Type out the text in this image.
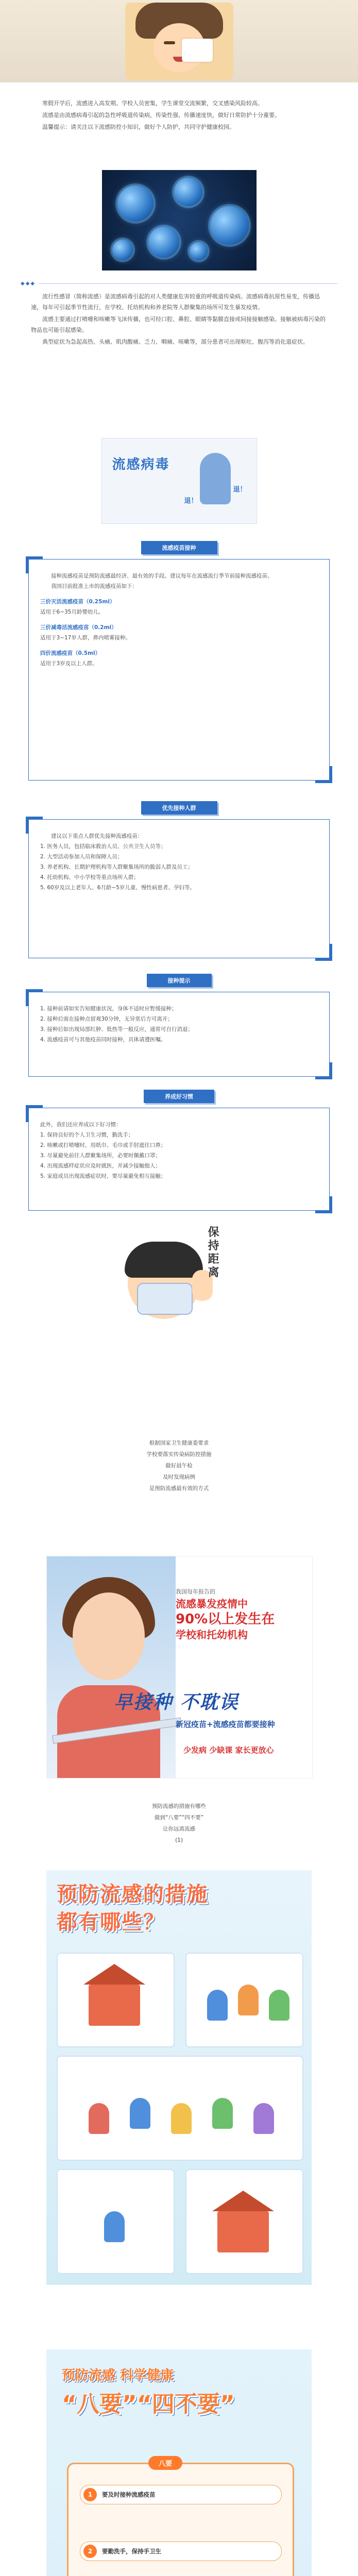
寒假开学后，流感进入高发期。学校人员密集，学生课堂交流频繁，交叉感染风险较高。

流感是由流感病毒引起的急性呼吸道传染病，传染性强、传播速度快，做好日常防护十分重要。

温馨提示：请关注以下流感防控小知识，做好个人防护，共同守护健康校园。

◆◆◆

流行性感冒（简称流感）是流感病毒引起的对人类健康危害较重的呼吸道传染病。流感病毒抗原性易变，传播迅速，每年可引起季节性流行，在学校、托幼机构和养老院等人群聚集的场所可发生暴发疫情。

流感主要通过打喷嚏和咳嗽等飞沫传播，也可经口腔、鼻腔、眼睛等黏膜直接或间接接触感染。接触被病毒污染的物品也可能引起感染。

典型症状为急起高热、头痛、肌肉酸痛、乏力、咽痛、咳嗽等，部分患者可出现呕吐、腹泻等消化道症状。

流感病毒
退！
退！
流感疫苗接种

接种流感疫苗是预防流感最经济、最有效的手段。建议每年在流感流行季节前接种流感疫苗。

我国目前批准上市的流感疫苗如下：

三价灭活流感疫苗（0.25ml）

适用于6~35月龄婴幼儿。

三价减毒活流感疫苗（0.2ml）

适用于3~17岁人群，鼻内喷雾接种。

四价流感疫苗（0.5ml）

适用于3岁及以上人群。

优先接种人群

建议以下重点人群优先接种流感疫苗：

1. 医务人员，包括临床救治人员、公共卫生人员等；

2. 大型活动参加人员和保障人员；

3. 养老机构、长期护理机构等人群聚集场所的脆弱人群及员工；

4. 托幼机构、中小学校等重点场所人群；

5. 60岁及以上老年人、6月龄~5岁儿童、慢性病患者、孕妇等。

接种提示

1. 接种前请如实告知健康状况，身体不适时应暂缓接种；

2. 接种后需在接种点留观30分钟，无异常后方可离开；

3. 接种后如出现局部红肿、低热等一般反应，通常可自行消退；

4. 流感疫苗可与其他疫苗同时接种，具体请遵医嘱。

养成好习惯

此外，我们还应养成以下好习惯：

1. 保持良好的个人卫生习惯，勤洗手；

2. 咳嗽或打喷嚏时，用纸巾、毛巾或手肘遮住口鼻；

3. 尽量避免前往人群聚集场所，必要时佩戴口罩；

4. 出现流感样症状应及时就医，并减少接触他人；

5. 家庭成员出现流感症状时，要尽量避免相互接触；

保持距离
根据国家卫生健康委要求
学校要落实传染病防控措施
做好晨午检
及时发现病例
是预防流感最有效的方式
我国每年报告的
流感暴发疫情中
90%以上发生在
学校和托幼机构
早接种 不耽误
新冠疫苗+流感疫苗都要接种
少发病 少缺课 家长更放心
预防流感的措施有哪些
做到“八要”“四不要”
让你远离流感
(1)
预防流感的措施
都有哪些？
预防流感 科学健康
“八要”“四不要”
八要
1	要及时接种流感疫苗
2	要勤洗手，保持手卫生
